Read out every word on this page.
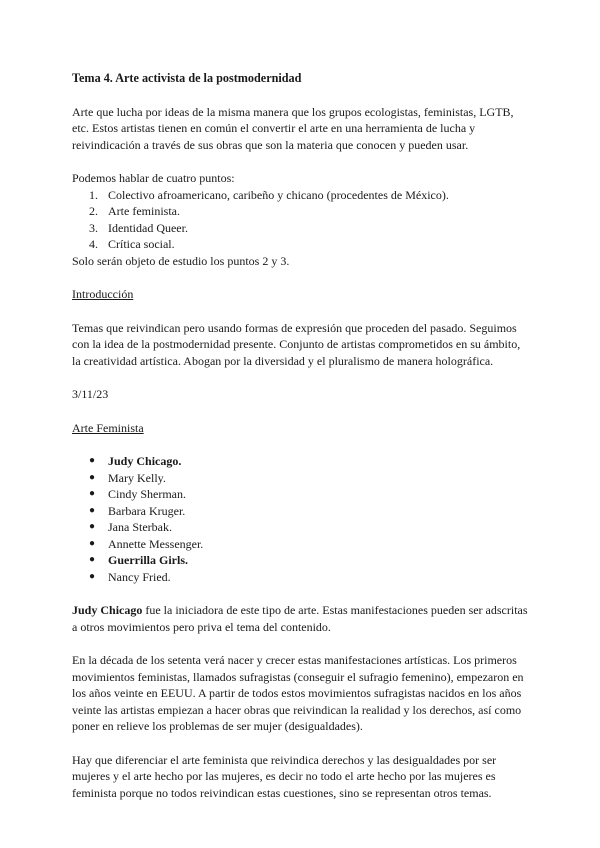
Tema 4. Arte activista de la postmodernidad

Arte que lucha por ideas de la misma manera que los grupos ecologistas, feministas, LGTB, etc. Estos artistas tienen en común el convertir el arte en una herramienta de lucha y reivindicación a través de sus obras que son la materia que conocen y pueden usar.

Podemos hablar de cuatro puntos:

1. Colectivo afroamericano, caribeño y chicano (procedentes de México).
2. Arte feminista.
3. Identidad Queer.
4. Crítica social.

Solo serán objeto de estudio los puntos 2 y 3.

Introducción

Temas que reivindican pero usando formas de expresión que proceden del pasado. Seguimos con la idea de la postmodernidad presente. Conjunto de artistas comprometidos en su ámbito, la creatividad artística. Abogan por la diversidad y el pluralismo de manera holográfica.

3/11/23

Arte Feminista

● Judy Chicago.
● Mary Kelly.
● Cindy Sherman.
● Barbara Kruger.
● Jana Sterbak.
● Annette Messenger.
● Guerrilla Girls.
● Nancy Fried.

Judy Chicago fue la iniciadora de este tipo de arte. Estas manifestaciones pueden ser adscritas a otros movimientos pero priva el tema del contenido.

En la década de los setenta verá nacer y crecer estas manifestaciones artísticas. Los primeros movimientos feministas, llamados sufragistas (conseguir el sufragio femenino), empezaron en los años veinte en EEUU. A partir de todos estos movimientos sufragistas nacidos en los años veinte las artistas empiezan a hacer obras que reivindican la realidad y los derechos, así como poner en relieve los problemas de ser mujer (desigualdades).

Hay que diferenciar el arte feminista que reivindica derechos y las desigualdades por ser mujeres y el arte hecho por las mujeres, es decir no todo el arte hecho por las mujeres es feminista porque no todos reivindican estas cuestiones, sino se representan otros temas.
